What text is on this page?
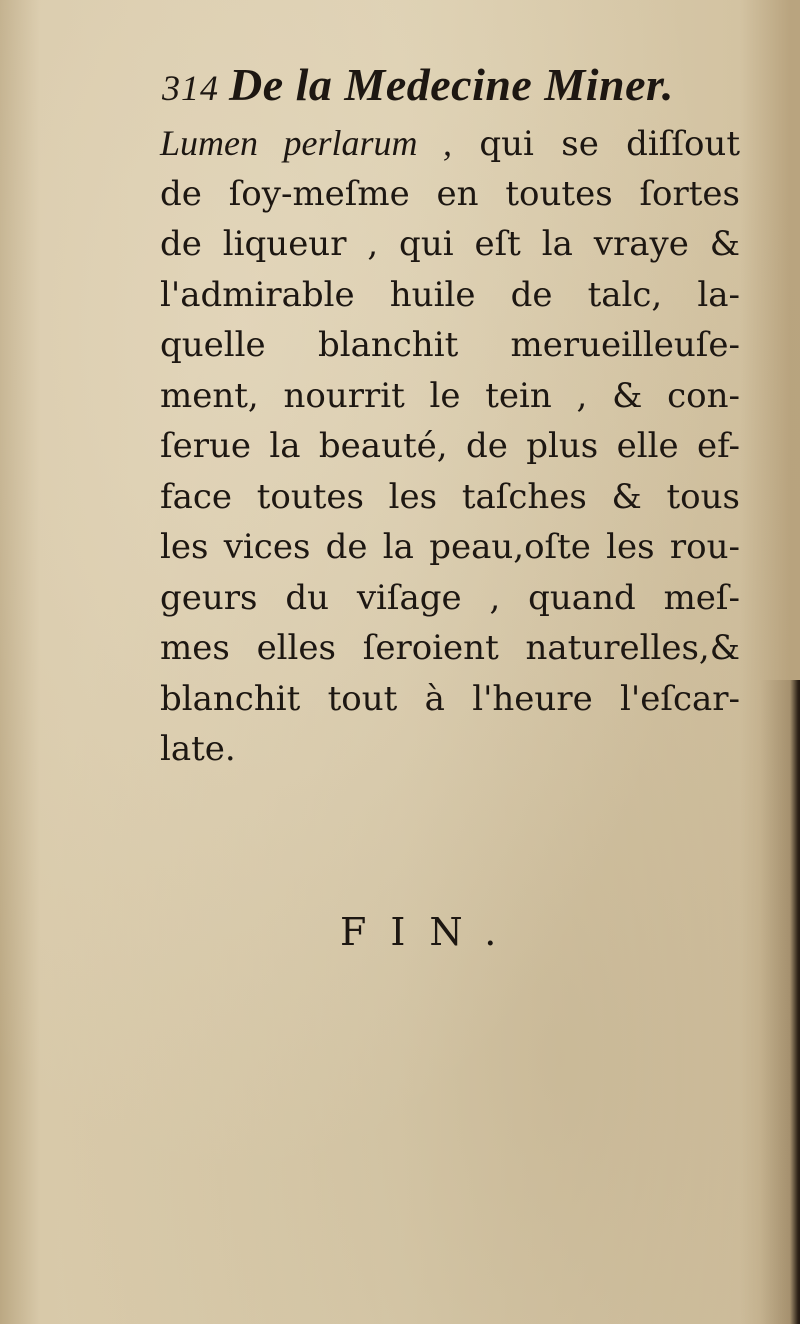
314 De la Medecine Miner.
Lumen perlarum , qui se diſſout
de ſoy-meſme en toutes ſortes
de liqueur , qui eſt la vraye &
l'admirable huile de talc, la-
quelle blanchit merueilleuſe-
ment, nourrit le tein , & con-
ſerue la beauté, de plus elle ef-
face toutes les taſches & tous
les vices de la peau,oſte les rou-
geurs du viſage , quand meſ-
mes elles ſeroient naturelles,&
blanchit tout à l'heure l'eſcar-
late.
FIN.
